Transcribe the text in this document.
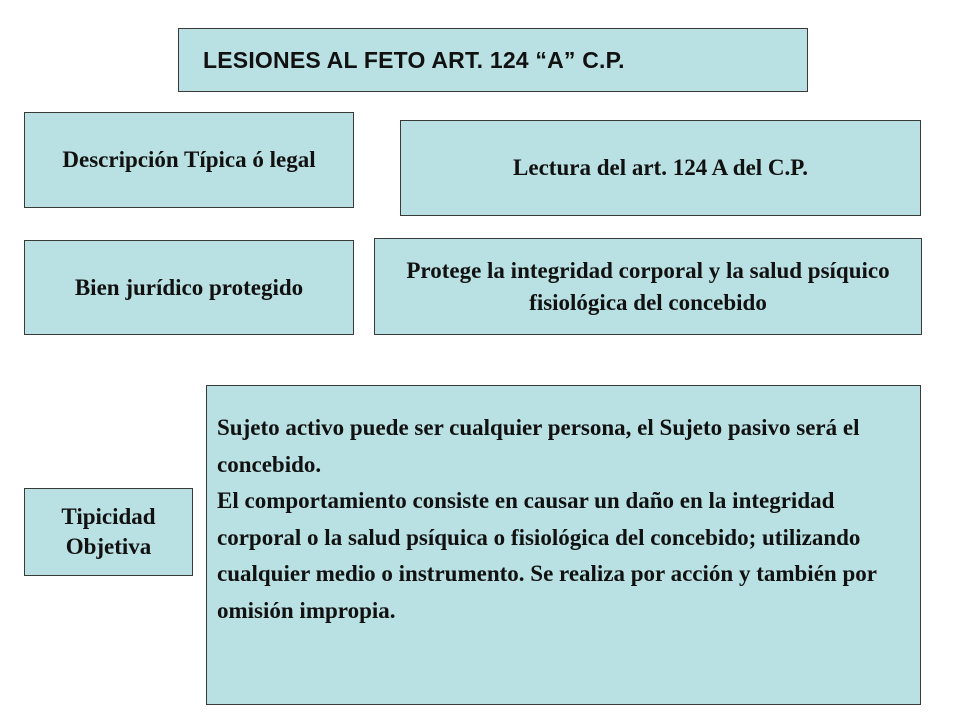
LESIONES AL FETO ART. 124 “A” C.P.
Descripción Típica ó legal	Lectura del art. 124 A del C.P.
Bien jurídico protegido
Protege la integridad corporal y la salud psíquico fisiológica del concebido
Tipicidad Objetiva
Sujeto activo puede ser cualquier persona, el Sujeto pasivo será el concebido.
El comportamiento consiste en causar un daño en la integridad corporal o la salud psíquica o fisiológica del concebido; utilizando cualquier medio o instrumento. Se realiza por acción y también por omisión impropia.
